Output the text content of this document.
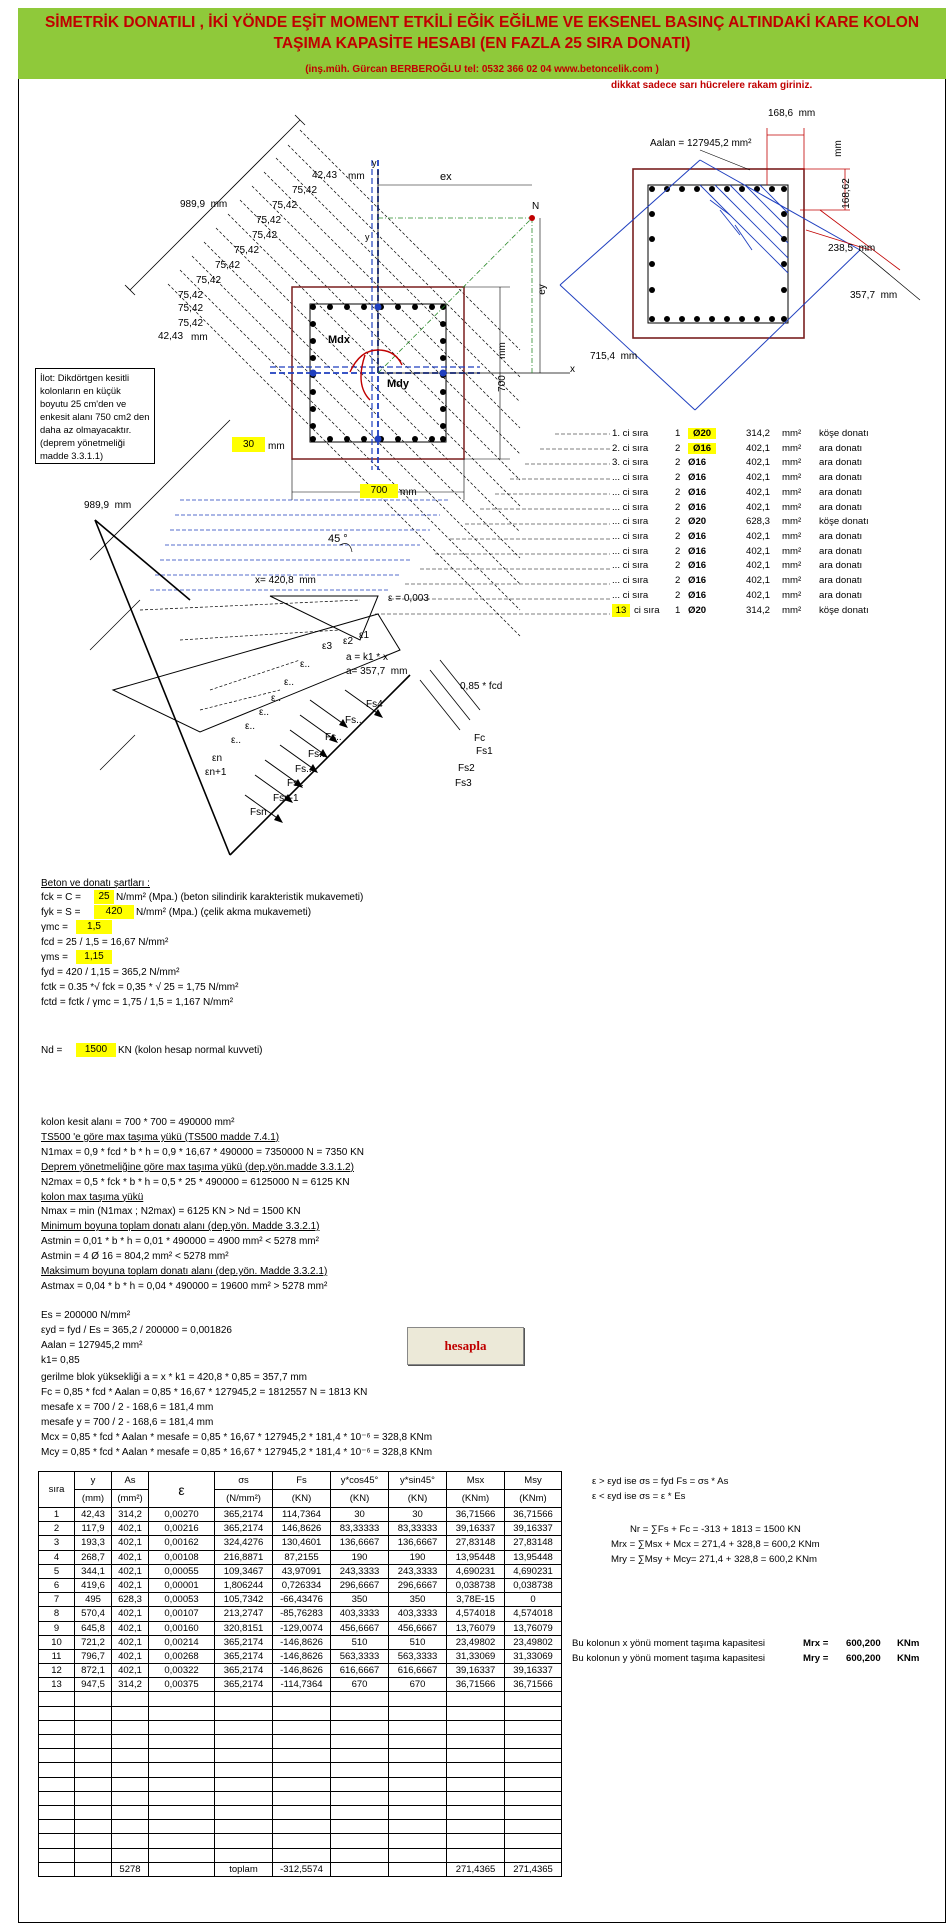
SİMETRİK DONATILI , İKİ YÖNDE EŞİT MOMENT ETKİLİ EĞİK EĞİLME VE EKSENEL BASINÇ ALTINDAKİ KARE KOLON
TAŞIMA KAPASİTE HESABI (EN FAZLA 25 SIRA DONATI)
(inş.müh. Gürcan BERBEROĞLU tel: 0532 366 02 04 www.betoncelik.com )
dikkat sadece sarı hücrelere rakam giriniz.
989,9 mm
42,43 mm
75,42
75,42
75,42
75,42
75,42
75,42
75,42
75,42
75,42
75,42
42,43 mm
ex
y
y
N
ey
x
Mdx
Mdy	700
mm
30	mm
700	mm
989,9 mm
715,4 mm
45 °
x= 420,8 mm
ε = 0,003
ε1
ε2
ε3
ε..
ε..
ε..
ε..
ε..
ε..
εn
εn+1
a = k1 * x
a= 357,7 mm
0,85 * fcd
Fs4
Fs..
Fs..
Fs..
Fs..
Fs..
Fsn-1
Fsn
Fc
Fs1
Fs2
Fs3
İlot: Dikdörtgen kesitli kolonların en küçük boyutu 25 cm'den ve enkesit alanı 750 cm2 den daha az olmayacaktır.(deprem yönetmeliği madde 3.3.1.1)
Aalan = 127945,2 mm²
168,6 mm
mm
168,62
238,5 mm
357,7 mm
1. ci sıra	1	Ø20	314,2 mm² köşe donatı
2. ci sıra	2	Ø16	402,1 mm² ara donatı
3. ci sıra	2 Ø16	402,1 mm² ara donatı
... ci sıra	2 Ø16	402,1 mm² ara donatı
... ci sıra	2 Ø16	402,1 mm² ara donatı
... ci sıra	2 Ø16	402,1 mm² ara donatı
... ci sıra	2 Ø20	628,3 mm² köşe donatı
... ci sıra	2 Ø16	402,1 mm² ara donatı
... ci sıra	2 Ø16	402,1 mm² ara donatı
... ci sıra	2 Ø16	402,1 mm² ara donatı
... ci sıra	2 Ø16	402,1 mm² ara donatı
... ci sıra	2 Ø16	402,1 mm² ara donatı
13 ci sıra 1 Ø20	314,2 mm² köşe donatı
Beton ve donatı şartları :
fck = C =	25 N/mm² (Mpa.) (beton silindirik karakteristik mukavemeti)
fyk = S =	420	N/mm² (Mpa.) (çelik akma mukavemeti)
γmc =	1,5
fcd = 25 / 1,5 = 16,67 N/mm²
γms =	1,15
fyd = 420 / 1,15 = 365,2 N/mm²
fctk = 0.35 *√ fck = 0,35 * √ 25 = 1,75 N/mm²
fctd = fctk / γmc = 1,75 / 1,5 = 1,167 N/mm²
Nd =	1500	KN (kolon hesap normal kuvveti)
kolon kesit alanı = 700 * 700 = 490000 mm²
TS500 'e göre max taşıma yükü (TS500 madde 7.4.1)
N1max = 0,9 * fcd * b * h = 0,9 * 16,67 * 490000 = 7350000 N = 7350 KN
Deprem yönetmeliğine göre max taşıma yükü (dep.yön.madde 3.3.1.2)
N2max = 0,5 * fck * b * h = 0,5 * 25 * 490000 = 6125000 N = 6125 KN
kolon max taşıma yükü
Nmax = min (N1max ; N2max) = 6125 KN > Nd = 1500 KN
Minimum boyuna toplam donatı alanı (dep.yön. Madde 3.3.2.1)
Astmin = 0,01 * b * h = 0,01 * 490000 = 4900 mm² < 5278 mm²
Astmin = 4 Ø 16 = 804,2 mm² < 5278 mm²
Maksimum boyuna toplam donatı alanı (dep.yön. Madde 3.3.2.1)
Astmax = 0,04 * b * h = 0,04 * 490000 = 19600 mm² > 5278 mm²
Es = 200000 N/mm²
εyd = fyd / Es = 365,2 / 200000 = 0,001826
Aalan = 127945,2 mm²
k1= 0,85
gerilme blok yüksekliği a = x * k1 = 420,8 * 0,85 = 357,7 mm
Fc = 0,85 * fcd * Aalan = 0,85 * 16,67 * 127945,2 = 1812557 N = 1813 KN
mesafe x = 700 / 2 - 168,6 = 181,4 mm
mesafe y = 700 / 2 - 168,6 = 181,4 mm
Mcx = 0,85 * fcd * Aalan * mesafe = 0,85 * 16,67 * 127945,2 * 181,4 * 10⁻⁶ = 328,8 KNm
Mcy = 0,85 * fcd * Aalan * mesafe = 0,85 * 16,67 * 127945,2 * 181,4 * 10⁻⁶ = 328,8 KNm
hesapla
sıra	y	As	ε	σs	Fs	y*cos45°	y*sin45°	Msx	Msy
	(mm)	(mm²)		(N/mm²)	(KN)	(KN)	(KN)	(KNm)	(KNm)
1	42,43	314,2	0,00270	365,2174	114,7364	30	30	36,71566	36,71566
2	117,9	402,1	0,00216	365,2174	146,8626	83,33333	83,33333	39,16337	39,16337
3	193,3	402,1	0,00162	324,4276	130,4601	136,6667	136,6667	27,83148	27,83148
4	268,7	402,1	0,00108	216,8871	87,2155	190	190	13,95448	13,95448
5	344,1	402,1	0,00055	109,3467	43,97091	243,3333	243,3333	4,690231	4,690231
6	419,6	402,1	0,00001	1,806244	0,726334	296,6667	296,6667	0,038738	0,038738
7	495	628,3	0,00053	105,7342	-66,43476	350	350	3,78E-15	0
8	570,4	402,1	0,00107	213,2747	-85,76283	403,3333	403,3333	4,574018	4,574018
9	645,8	402,1	0,00160	320,8151	-129,0074	456,6667	456,6667	13,76079	13,76079
10	721,2	402,1	0,00214	365,2174	-146,8626	510	510	23,49802	23,49802
11	796,7	402,1	0,00268	365,2174	-146,8626	563,3333	563,3333	31,33069	31,33069
12	872,1	402,1	0,00322	365,2174	-146,8626	616,6667	616,6667	39,16337	39,16337
13	947,5	314,2	0,00375	365,2174	-114,7364	670	670	36,71566	36,71566

		5278		toplam	-312,5574			271,4365	271,4365
ε > εyd ise σs = fyd Fs = σs * As
ε < εyd ise σs = ε * Es
Nr = ∑Fs + Fc = -313 + 1813 = 1500 KN
Mrx = ∑Msx + Mcx = 271,4 + 328,8 = 600,2 KNm
Mry = ∑Msy + Mcy= 271,4 + 328,8 = 600,2 KNm
Bu kolonun x yönü moment taşıma kapasitesi	Mrx = 600,200 KNm
Bu kolonun y yönü moment taşıma kapasitesi	Mry = 600,200 KNm
